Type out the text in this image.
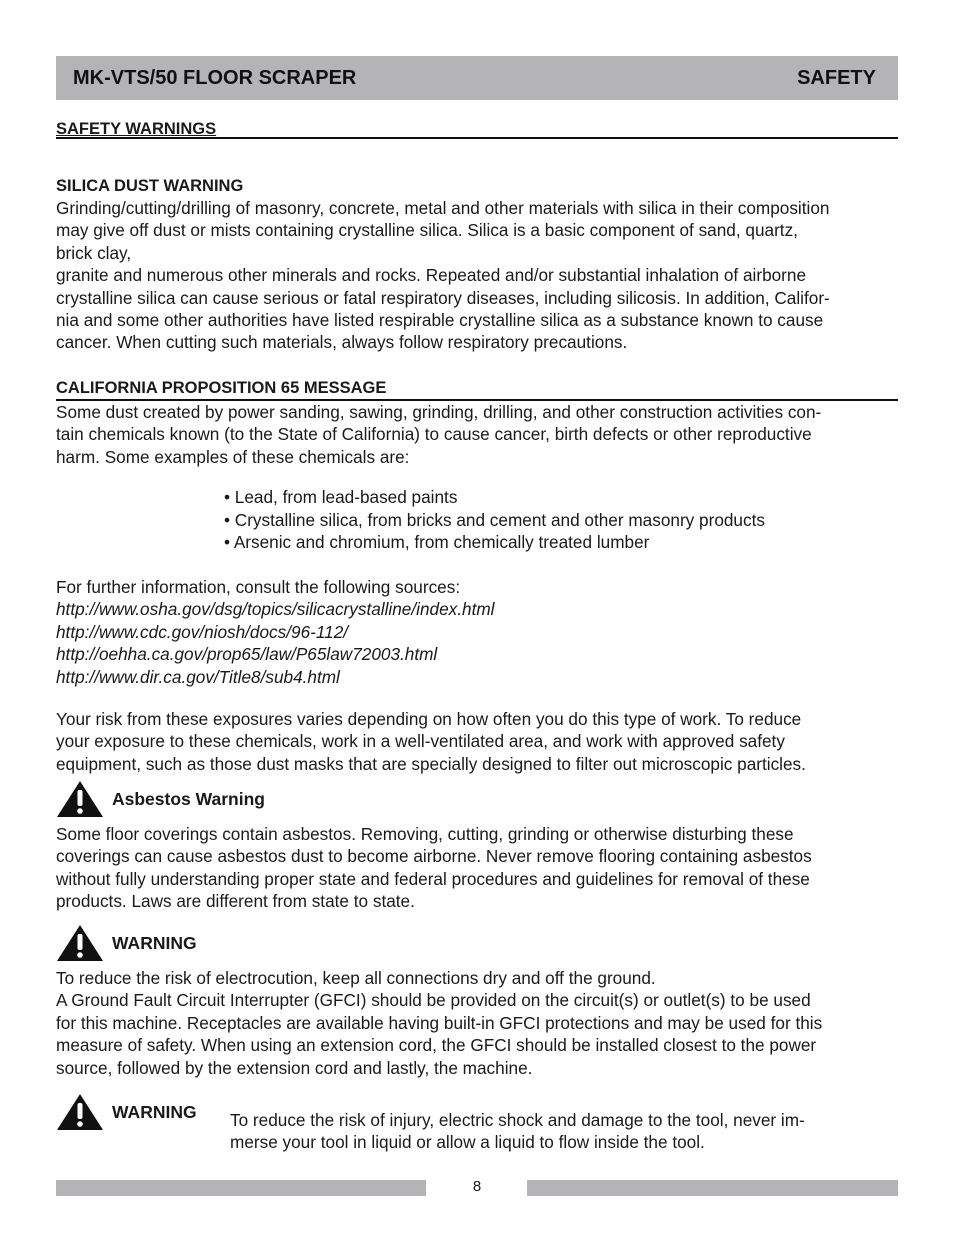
MK-VTS/50 FLOOR SCRAPER	SAFETY
SAFETY WARNINGS
SILICA DUST WARNING

Grinding/cutting/drilling of masonry, concrete, metal and other materials with silica in their composition

may give off dust or mists containing crystalline silica. Silica is a basic component of sand, quartz,

brick clay,

granite and numerous other minerals and rocks. Repeated and/or substantial inhalation of airborne

crystalline silica can cause serious or fatal respiratory diseases, including silicosis. In addition, Califor-

nia and some other authorities have listed respirable crystalline silica as a substance known to cause

cancer. When cutting such materials, always follow respiratory precautions.

CALIFORNIA PROPOSITION 65 MESSAGE

Some dust created by power sanding, sawing, grinding, drilling, and other construction activities con-

tain chemicals known (to the State of California) to cause cancer, birth defects or other reproductive

harm. Some examples of these chemicals are:

• Lead, from lead-based paints
• Crystalline silica, from bricks and cement and other masonry products
• Arsenic and chromium, from chemically treated lumber

For further information, consult the following sources:

http://www.osha.gov/dsg/topics/silicacrystalline/index.html

http://www.cdc.gov/niosh/docs/96-112/

http://oehha.ca.gov/prop65/law/P65law72003.html

http://www.dir.ca.gov/Title8/sub4.html

Your risk from these exposures varies depending on how often you do this type of work. To reduce

your exposure to these chemicals, work in a well-ventilated area, and work with approved safety

equipment, such as those dust masks that are specially designed to filter out microscopic particles.

Asbestos Warning

Some floor coverings contain asbestos. Removing, cutting, grinding or otherwise disturbing these

coverings can cause asbestos dust to become airborne. Never remove flooring containing asbestos

without fully understanding proper state and federal procedures and guidelines for removal of these

products. Laws are different from state to state.

WARNING

To reduce the risk of electrocution, keep all connections dry and off the ground.

A Ground Fault Circuit Interrupter (GFCI) should be provided on the circuit(s) or outlet(s) to be used

for this machine. Receptacles are available having built-in GFCI protections and may be used for this

measure of safety. When using an extension cord, the GFCI should be installed closest to the power

source, followed by the extension cord and lastly, the machine.

WARNING To reduce the risk of injury, electric shock and damage to the tool, never im-

merse your tool in liquid or allow a liquid to flow inside the tool.

8
